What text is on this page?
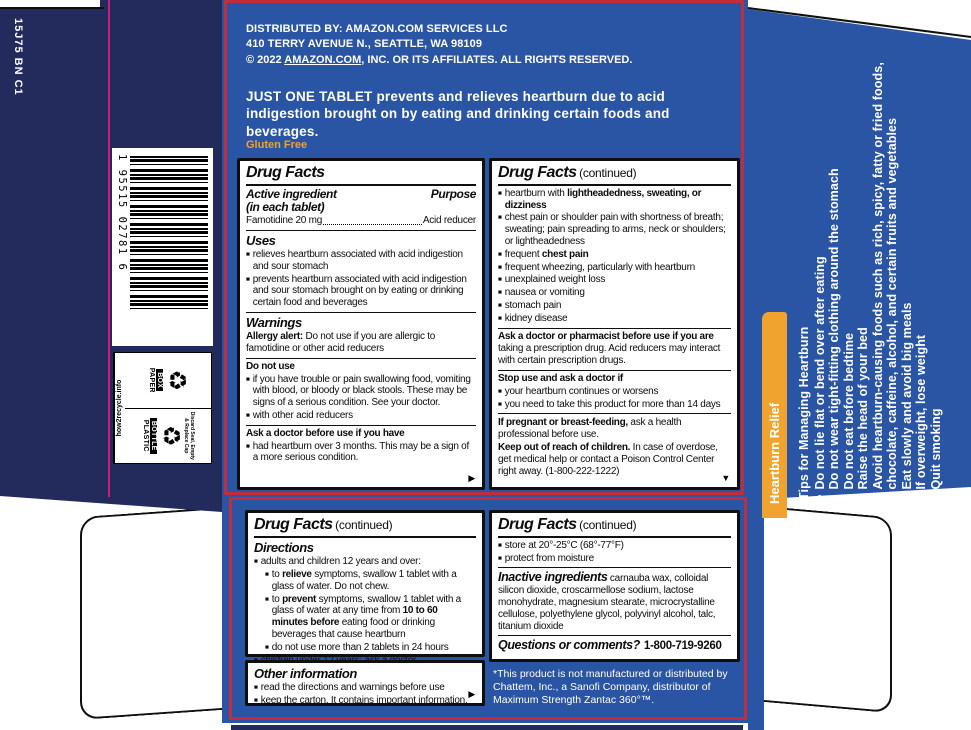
15J75 BN C1
1 95515 02781 6
♻
BOX
PAPER
Discard Seal, Empty & Replace Cap
♻
BOTTLE
PLASTIC
how2recycle.info
DISTRIBUTED BY: AMAZON.COM SERVICES LLC
410 TERRY AVENUE N., SEATTLE, WA 98109
© 2022 AMAZON.COM, INC. OR ITS AFFILIATES. ALL RIGHTS RESERVED.
JUST ONE TABLET prevents and relieves heartburn due to acid indigestion brought on by eating and drinking certain foods and beverages.
Gluten Free
Drug Facts
Active ingredient
(in each tablet)
Purpose
Famotidine 20 mg	Acid reducer
Uses
■ relieves heartburn associated with acid indigestion and sour stomach
■ prevents heartburn associated with acid indigestion and sour stomach brought on by eating or drinking certain food and beverages
Warnings
Allergy alert: Do not use if you are allergic to famotidine or other acid reducers
Do not use
■ if you have trouble or pain swallowing food, vomiting with blood, or bloody or black stools. These may be signs of a serious condition. See your doctor.
■ with other acid reducers
Ask a doctor before use if you have
■ had heartburn over 3 months. This may be a sign of a more serious condition.
▶
Drug Facts (continued)
■ heartburn with lightheadedness, sweating, or dizziness
■ chest pain or shoulder pain with shortness of breath; sweating; pain spreading to arms, neck or shoulders; or lightheadedness
■ frequent chest pain
■ frequent wheezing, particularly with heartburn
■ unexplained weight loss
■ nausea or vomiting
■ stomach pain
■ kidney disease
Ask a doctor or pharmacist before use if you are
taking a prescription drug. Acid reducers may interact with certain prescription drugs.
Stop use and ask a doctor if
■ your heartburn continues or worsens
■ you need to take this product for more than 14 days
If pregnant or breast-feeding, ask a health professional before use.
Keep out of reach of children. In case of overdose, get medical help or contact a Poison Control Center right away. (1-800-222-1222)
▼
Drug Facts (continued)
Directions
■ adults and children 12 years and over:
■ to relieve symptoms, swallow 1 tablet with a glass of water. Do not chew.
■ to prevent symptoms, swallow 1 tablet with a glass of water at any time from 10 to 60 minutes before eating food or drinking beverages that cause heartburn
■ do not use more than 2 tablets in 24 hours
■
Other information
■ read the directions and warnings before use
■ keep the carton. It contains important information.
▶
Drug Facts (continued)
■ store at 20°-25°C (68°-77°F)
■ protect from moisture
Inactive ingredients carnauba wax, colloidal silicon dioxide, croscarmellose sodium, lactose monohydrate, magnesium stearate, microcrystalline cellulose, polyethylene glycol, polyvinyl alcohol, talc, titanium dioxide
Questions or comments? 1-800-719-9260
*This product is not manufactured or distributed by Chattem, Inc., a Sanofi Company, distributor of Maximum Strength Zantac 360°™.
Heartburn Relief	Tips for Managing Heartburn • Do not lie flat or bend over after eating • Do not wear tight-fitting clothing around the stomach • Do not eat before bedtime • Raise the head of your bed • Avoid heartburn-causing foods such as rich, spicy, fatty or fried foods, chocolate, caffeine, alcohol, and certain fruits and vegetables • Eat slowly and avoid big meals • If overweight, lose weight • Quit smoking
